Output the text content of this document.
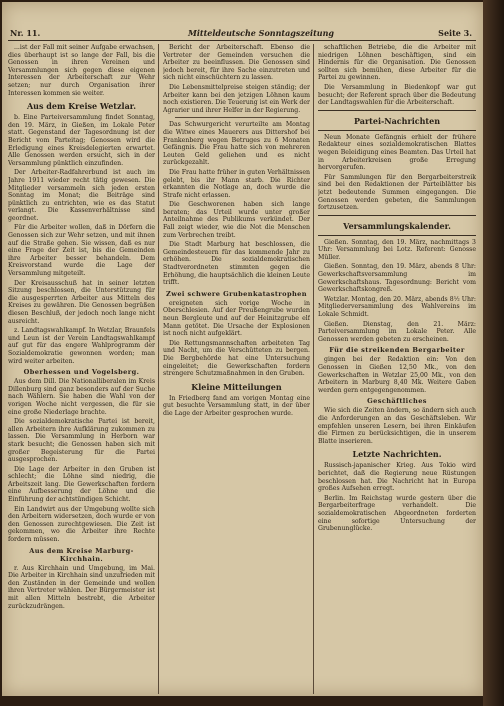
Nr. 11.	Mitteldeutsche Sonntagszeitung	Seite 3.

...ist der Fall mit seiner Aufgabe erwachsen, dies überhaupt ist so lange der Fall, bis die Genossen in ihren Vereinen und Versammlungen sich gegen diese eigenen Interessen der Arbeiterschaft zur Wehr setzen; nur durch Organisation ihrer Interessen kommen sie weiter.

Aus dem Kreise Wetzlar.

b. Eine Parteiversammlung findet Sonntag, den 19. März, in Gießen, im Lokale Peter statt. Gegenstand der Tagesordnung ist der Bericht vom Parteitag; Genossen wird die Erledigung eines Kreisdelegierten erwartet. Alle Genossen werden ersucht, sich in der Versammlung pünktlich einzufinden.

Der Arbeiter-Radfahrerbund ist auch im Jahre 1911 wieder recht tätig gewesen. Die Mitglieder versammeln sich jeden ersten Sonntag im Monat; die Beiträge sind pünktlich zu entrichten, wie es das Statut verlangt. Die Kassenverhältnisse sind geordnet.

Für die Arbeiter wollen, daß in Dörfern die Genossen sich zur Wehr setzen, und mit ihnen auf die Straße gehen. Sie wissen, daß es nur eine Frage der Zeit ist, bis die Gemeinden ihre Arbeiter besser behandeln. Dem Kreisvorstand wurde die Lage der Versammlung mitgeteilt.

Der Kreisausschuß hat in seiner letzten Sitzung beschlossen, die Unterstützung für die ausgesperrten Arbeiter aus Mitteln des Kreises zu gewähren. Die Genossen begrüßen diesen Beschluß, der jedoch noch lange nicht ausreicht.

z. Landtagswahlkampf. In Wetzlar, Braunfels und Leun ist der Verein Landtagswahlkampf auf gut für das engere Wahlprogramm der Sozialdemokratie gewonnen worden; man wird weiter arbeiten.

Oberhessen und Vogelsberg.

Aus dem Dill. Die Nationalliberalen im Kreis Dillenburg sind ganz besonders auf der Suche nach Wählern. Sie haben die Wahl von der vorigen Woche nicht vergessen, die für sie eine große Niederlage brachte.

Die sozialdemokratische Partei ist bereit, allen Arbeitern ihre Aufklärung zukommen zu lassen. Die Versammlung in Herborn war stark besucht; die Genossen haben sich mit großer Begeisterung für die Partei ausgesprochen.

Die Lage der Arbeiter in den Gruben ist schlecht; die Löhne sind niedrig, die Arbeitszeit lang. Die Gewerkschaften fordern eine Aufbesserung der Löhne und die Einführung der achtstündigen Schicht.

Ein Landwirt aus der Umgebung wollte sich den Arbeitern widersetzen, doch wurde er von den Genossen zurechtgewiesen. Die Zeit ist gekommen, wo die Arbeiter ihre Rechte fordern müssen.

Aus dem Kreise Marburg-Kirchhain.

r. Aus Kirchhain und Umgebung, im Mai. Die Arbeiter in Kirchhain sind unzufrieden mit den Zuständen in der Gemeinde und wollen ihren Vertreter wählen. Der Bürgermeister ist mit allen Mitteln bestrebt, die Arbeiter zurückzudrängen.

Bericht der Arbeiterschaft. Ebenso die Vertreter der Gemeinden versuchen die Arbeiter zu beeinflussen. Die Genossen sind jedoch bereit, für ihre Sache einzutreten und sich nicht einschüchtern zu lassen.

Die Lebensmittelpreise steigen ständig; der Arbeiter kann bei den jetzigen Löhnen kaum noch existieren. Die Teuerung ist ein Werk der Agrarier und ihrer Helfer in der Regierung.

Das Schwurgericht verurteilte am Montag die Witwe eines Mauerers aus Dittershof bei Frankenberg wegen Betruges zu 6 Monaten Gefängnis. Die Frau hatte sich von mehreren Leuten Geld geliehen und es nicht zurückgezahlt.

Die Frau hatte früher in guten Verhältnissen gelebt, bis ihr Mann starb. Die Richter erkannten die Notlage an, doch wurde die Strafe nicht erlassen.

Die Geschworenen haben sich lange beraten; das Urteil wurde unter großer Anteilnahme des Publikums verkündet. Der Fall zeigt wieder, wie die Not die Menschen zum Verbrechen treibt.

Die Stadt Marburg hat beschlossen, die Gemeindesteuern für das kommende Jahr zu erhöhen. Die sozialdemokratischen Stadtverordneten stimmten gegen die Erhöhung, die hauptsächlich die kleinen Leute trifft.

Zwei schwere Grubenkatastrophen

ereigneten sich vorige Woche in Oberschlesien. Auf der Preußengrube wurden neun Bergleute und auf der Heinitzgrube elf Mann getötet. Die Ursache der Explosionen ist noch nicht aufgeklärt.

Die Rettungsmannschaften arbeiteten Tag und Nacht, um die Verschütteten zu bergen. Die Bergbehörde hat eine Untersuchung eingeleitet; die Gewerkschaften fordern strengere Schutzmaßnahmen in den Gruben.

Kleine Mitteilungen

In Friedberg fand am vorigen Montag eine gut besuchte Versammlung statt, in der über die Lage der Arbeiter gesprochen wurde.

schaftlichen Betriebe, die die Arbeiter mit niedrigen Löhnen beschäftigen, sind ein Hindernis für die Organisation. Die Genossen sollten sich bemühen, diese Arbeiter für die Partei zu gewinnen.

Die Versammlung in Biedenkopf war gut besucht; der Referent sprach über die Bedeutung der Landtagswahlen für die Arbeiterschaft.

Partei-Nachrichten

Neun Monate Gefängnis erhielt der frühere Redakteur eines sozialdemokratischen Blattes wegen Beleidigung eines Beamten. Das Urteil hat in Arbeiterkreisen große Erregung hervorgerufen.

Für Sammlungen für den Bergarbeiterstreik sind bei den Redaktionen der Parteiblätter bis jetzt bedeutende Summen eingegangen. Die Genossen werden gebeten, die Sammlungen fortzusetzen.

Versammlungskalender.

Gießen. Sonntag, den 19. März, nachmittags 3 Uhr: Versammlung bei Lotz. Referent: Genosse Müller.

Gießen. Sonntag, den 19. März, abends 8 Uhr: Gewerkschaftsversammlung im Gewerkschaftshaus. Tagesordnung: Bericht vom Gewerkschaftskongreß.

Wetzlar. Montag, den 20. März, abends 8½ Uhr: Mitgliederversammlung des Wahlvereins im Lokale Schmidt.

Gießen. Dienstag, den 21. März: Parteiversammlung im Lokale Peter. Alle Genossen werden gebeten zu erscheinen.

Für die streikenden Bergarbeiter

gingen bei der Redaktion ein: Von den Genossen in Gießen 12,50 Mk., von den Gewerkschaften in Wetzlar 25,00 Mk., von den Arbeitern in Marburg 8,40 Mk. Weitere Gaben werden gern entgegengenommen.

Geschäftliches

Wie sich die Zeiten ändern, so ändern sich auch die Anforderungen an das Geschäftsleben. Wir empfehlen unseren Lesern, bei ihren Einkäufen die Firmen zu berücksichtigen, die in unserem Blatte inserieren.

Letzte Nachrichten.

Russisch-japanischer Krieg. Aus Tokio wird berichtet, daß die Regierung neue Rüstungen beschlossen hat. Die Nachricht hat in Europa großes Aufsehen erregt.

Berlin. Im Reichstag wurde gestern über die Bergarbeiterfrage verhandelt. Die sozialdemokratischen Abgeordneten forderten eine sofortige Untersuchung der Grubenunglücke.
